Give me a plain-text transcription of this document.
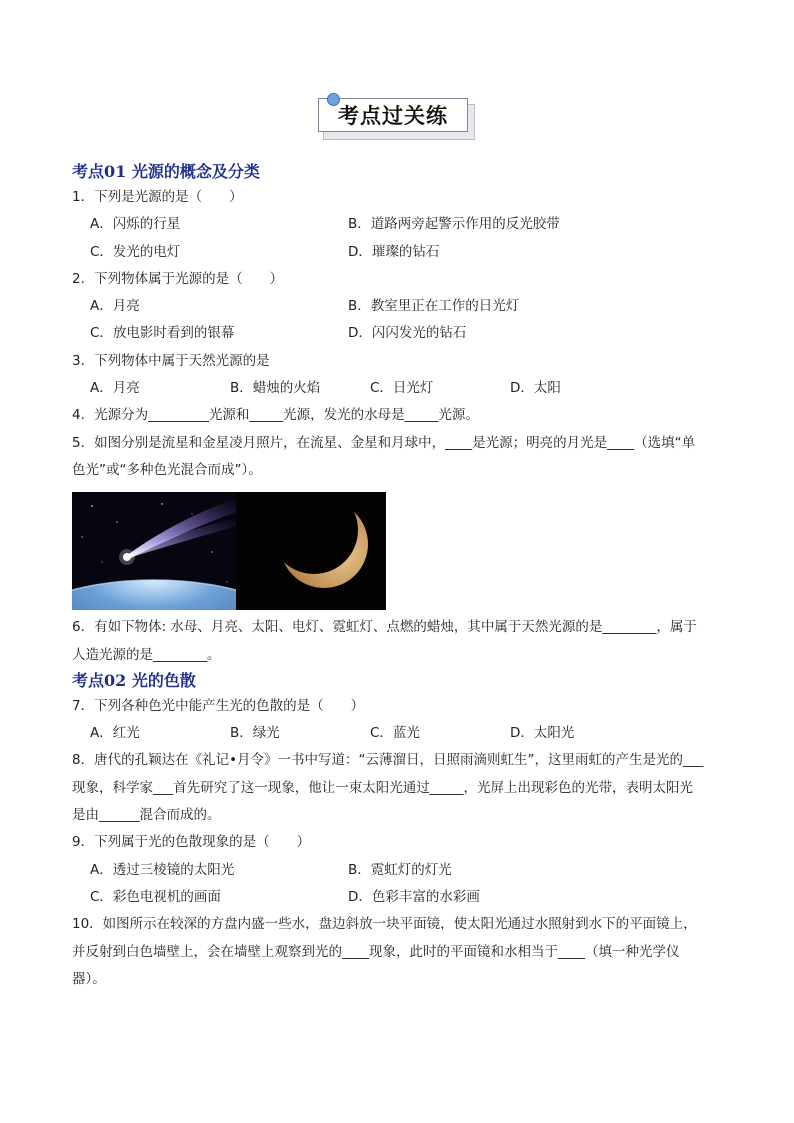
考点过关练
考点01 光源的概念及分类
1．下列是光源的是（　　）
A．闪烁的行星	B．道路两旁起警示作用的反光胶带
C．发光的电灯	D．璀璨的钻石
2．下列物体属于光源的是（　　）
A．月亮	B．教室里正在工作的日光灯
C．放电影时看到的银幕	D．闪闪发光的钻石
3．下列物体中属于天然光源的是
A．月亮	B．蜡烛的火焰	C．日光灯	D．太阳
4．光源分为_________光源和_____光源，发光的水母是_____光源。
5．如图分别是流星和金星凌月照片，在流星、金星和月球中，____是光源；明亮的月光是____（选填“单
色光”或“多种色光混合而成”）。
6．有如下物体: 水母、月亮、太阳、电灯、霓虹灯、点燃的蜡烛，其中属于天然光源的是________，属于
人造光源的是________。
考点02 光的色散
7．下列各种色光中能产生光的色散的是（　　）
A．红光	B．绿光	C．蓝光	D．太阳光
8．唐代的孔颖达在《礼记•月令》一书中写道：“云薄溜日，日照雨滴则虹生”，这里雨虹的产生是光的___
现象，科学家___首先研究了这一现象，他让一束太阳光通过_____，光屏上出现彩色的光带，表明太阳光
是由______混合而成的。
9．下列属于光的色散现象的是（　　）
A．透过三棱镜的太阳光	B．霓虹灯的灯光
C．彩色电视机的画面	D．色彩丰富的水彩画
10．如图所示在较深的方盘内盛一些水，盘边斜放一块平面镜，使太阳光通过水照射到水下的平面镜上，
并反射到白色墙壁上，会在墙壁上观察到光的____现象，此时的平面镜和水相当于____（填一种光学仪
器）。
